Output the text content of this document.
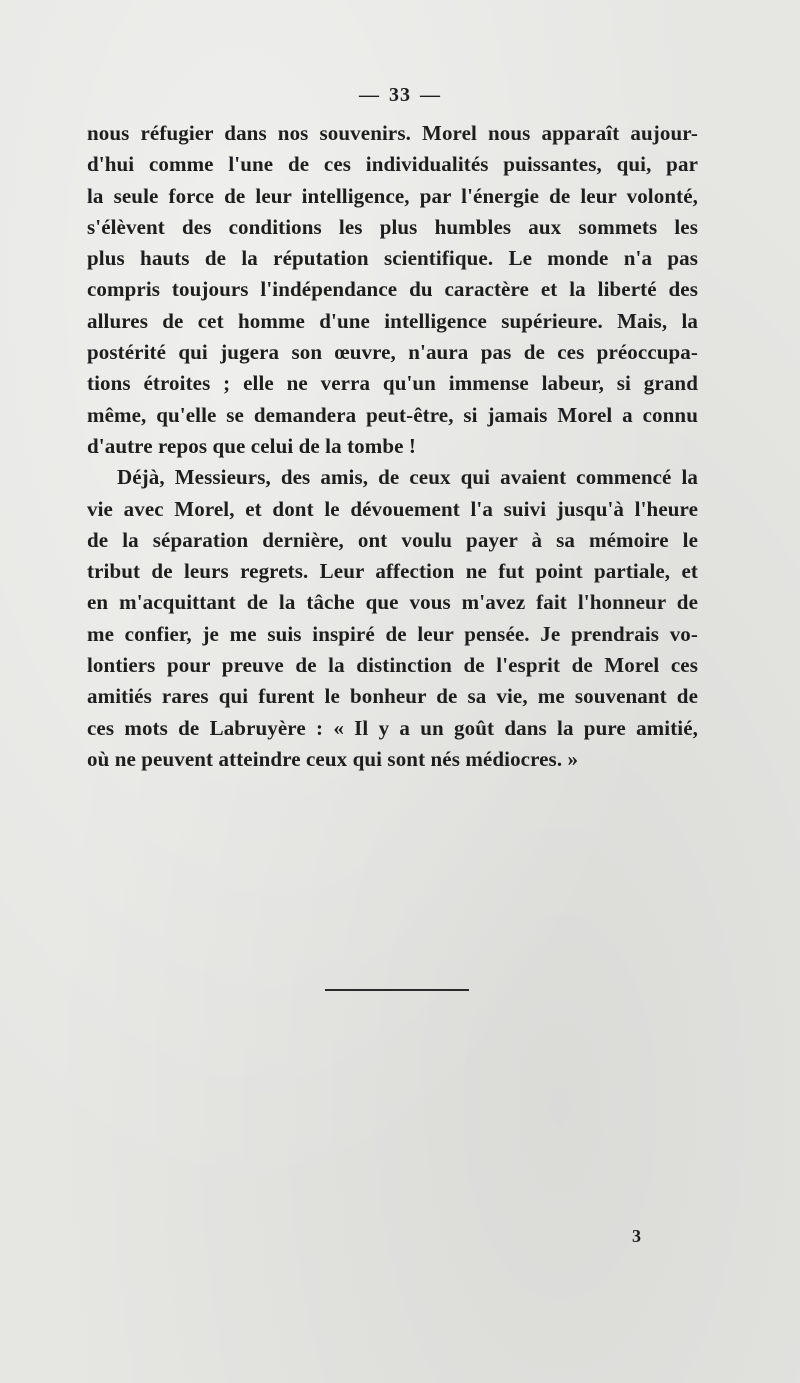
— 33 —
nous réfugier dans nos souvenirs. Morel nous apparaît aujour-
d'hui comme l'une de ces individualités puissantes, qui, par
la seule force de leur intelligence, par l'énergie de leur volonté,
s'élèvent des conditions les plus humbles aux sommets les
plus hauts de la réputation scientifique. Le monde n'a pas
compris toujours l'indépendance du caractère et la liberté des
allures de cet homme d'une intelligence supérieure. Mais, la
postérité qui jugera son œuvre, n'aura pas de ces préoccupa-
tions étroites ; elle ne verra qu'un immense labeur, si grand
même, qu'elle se demandera peut-être, si jamais Morel a connu
d'autre repos que celui de la tombe !
Déjà, Messieurs, des amis, de ceux qui avaient commencé la
vie avec Morel, et dont le dévouement l'a suivi jusqu'à l'heure
de la séparation dernière, ont voulu payer à sa mémoire le
tribut de leurs regrets. Leur affection ne fut point partiale, et
en m'acquittant de la tâche que vous m'avez fait l'honneur de
me confier, je me suis inspiré de leur pensée. Je prendrais vo-
lontiers pour preuve de la distinction de l'esprit de Morel ces
amitiés rares qui furent le bonheur de sa vie, me souvenant de
ces mots de Labruyère : « Il y a un goût dans la pure amitié,
où ne peuvent atteindre ceux qui sont nés médiocres. »
3
